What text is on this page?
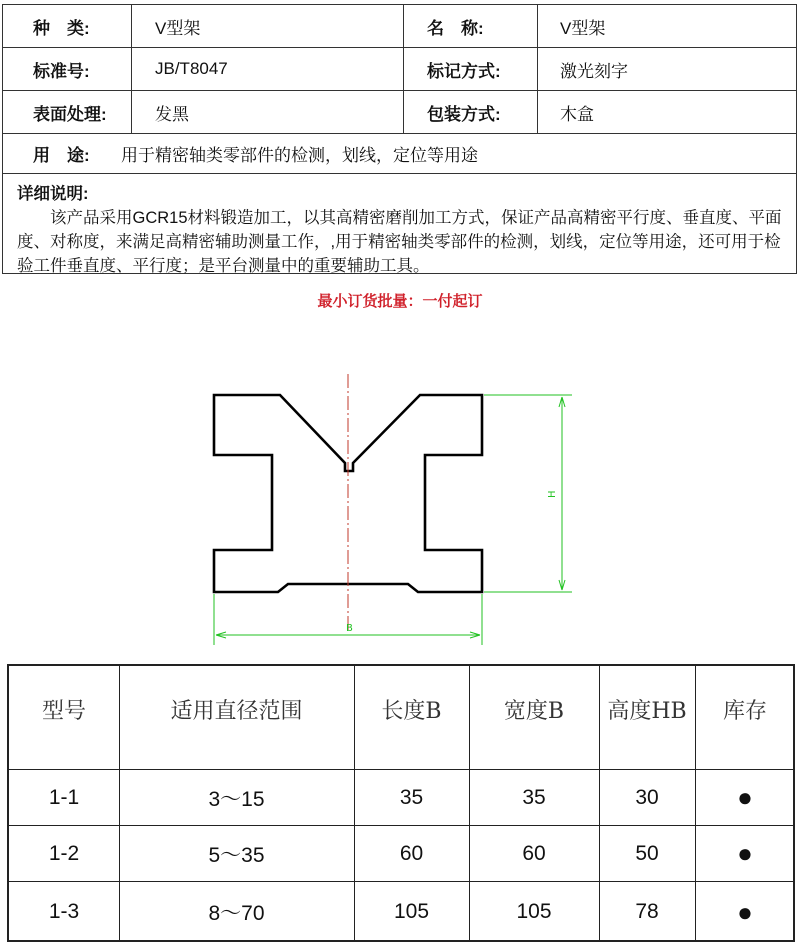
种　类:	V型架	名　称:	V型架
标准号:	JB/T8047	标记方式:	激光刻字
表面处理:	发黑	包装方式:	木盒
用　途: 用于精密轴类零部件的检测，划线，定位等用途
详细说明:

该产品采用GCR15材料锻造加工，以其高精密磨削加工方式，保证产品高精密平行度、垂直度、平面度、对称度，来满足高精密辅助测量工作，,用于精密轴类零部件的检测，划线，定位等用途，还可用于检验工件垂直度、平行度；是平台测量中的重要辅助工具。

最小订货批量：一付起订
H
B
型号	适用直径范围	长度B	宽度B	高度HB	库存
1-1	3～15	35	35	30	●
1-2	5～35	60	60	50	●
1-3	8～70	105	105	78	●
